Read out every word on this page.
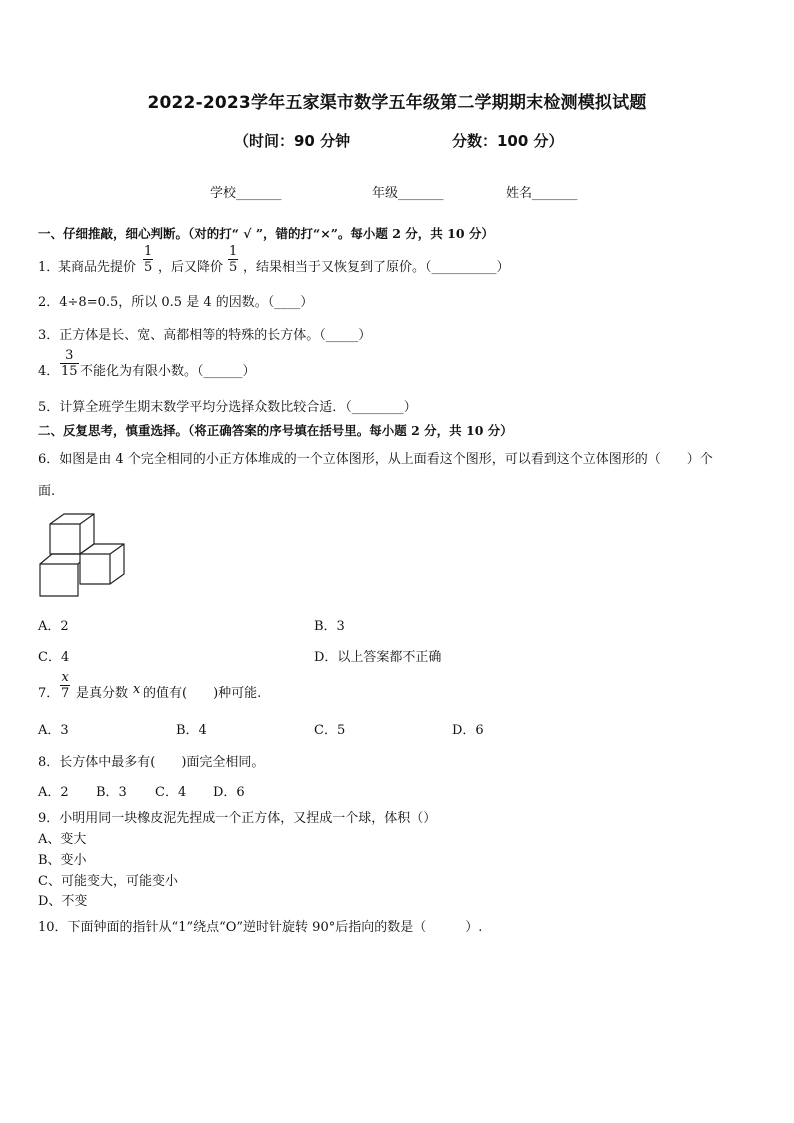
2022-2023学年五家渠市数学五年级第二学期期末检测模拟试题
（时间：90 分钟	分数：100 分）
学校_______	年级_______	姓名_______
一、仔细推敲，细心判断。（对的打“ √ ”，错的打“×”。每小题 2 分，共 10 分）
1．
某商品先提价 $\frac{1}{5}$ ，后又降价 $\frac{1}{5}$ ，结果相当于又恢复到了原价。（__________）
2．4÷8=0.5，所以 0.5 是 4 的因数。（____）
3．正方体是长、宽、高都相等的特殊的长方体。（_____）
4． $\frac{3}{15}$ 不能化为有限小数。（______）
5．计算全班学生期末数学平均分选择众数比较合适．（________）
二、反复思考，慎重选择。（将正确答案的序号填在括号里。每小题 2 分，共 10 分）
6．如图是由 4 个完全相同的小正方体堆成的一个立体图形，从上面看这个图形，可以看到这个立体图形的（　　）个
面.
A．2	B．3
C．4	D．以上答案都不正确
7． $\frac{x}{7}$ 是真分数 x 的值有(　　)种可能.
A．3	B．4	C．5	D．6
8．长方体中最多有(　　)面完全相同。
A．2 B．3 C．4 D．6
9．小明用同一块橡皮泥先捏成一个正方体，又捏成一个球，体积（）
A、变大
B、变小
C、可能变大，可能变小
D、不变
10．下面钟面的指针从“1”绕点“O”逆时针旋转 90°后指向的数是（　　　）.
